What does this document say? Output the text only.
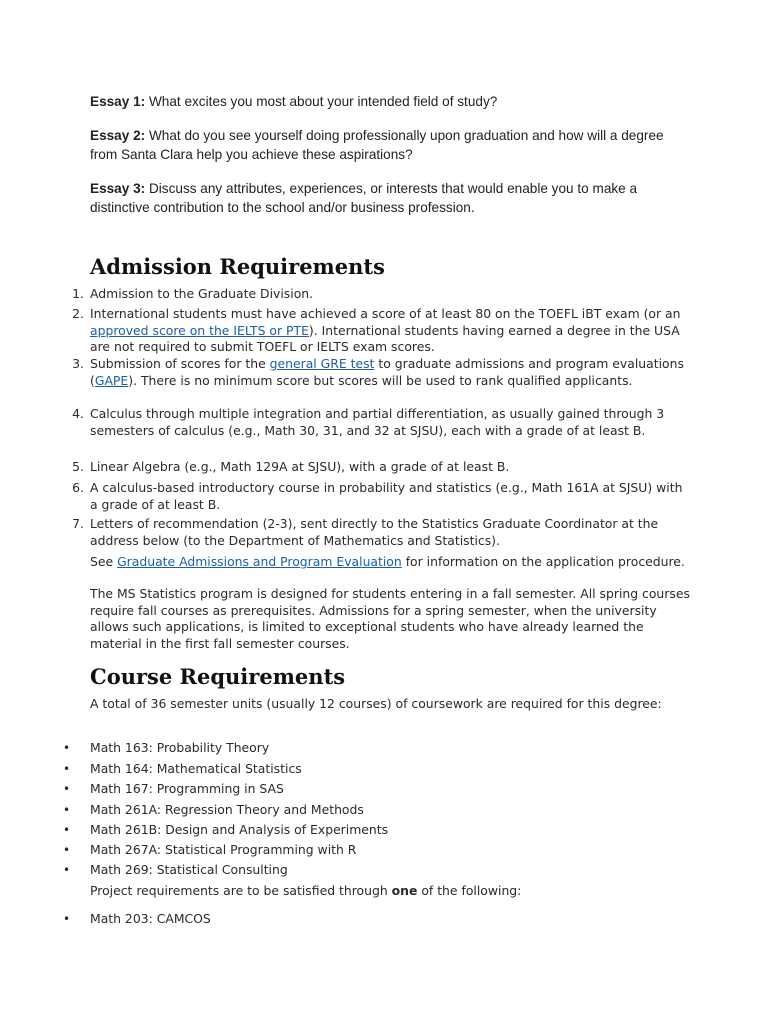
Essay 1: What excites you most about your intended field of study?
Essay 2: What do you see yourself doing professionally upon graduation and how will a degree from Santa Clara help you achieve these aspirations?
Essay 3: Discuss any attributes, experiences, or interests that would enable you to make a distinctive contribution to the school and/or business profession.
Admission Requirements
1. Admission to the Graduate Division.
2. International students must have achieved a score of at least 80 on the TOEFL iBT exam (or an approved score on the IELTS or PTE). International students having earned a degree in the USA are not required to submit TOEFL or IELTS exam scores.
3. Submission of scores for the general GRE test to graduate admissions and program evaluations (GAPE). There is no minimum score but scores will be used to rank qualified applicants.
4. Calculus through multiple integration and partial differentiation, as usually gained through 3 semesters of calculus (e.g., Math 30, 31, and 32 at SJSU), each with a grade of at least B.
5. Linear Algebra (e.g., Math 129A at SJSU), with a grade of at least B.
6. A calculus-based introductory course in probability and statistics (e.g., Math 161A at SJSU) with a grade of at least B.
7. Letters of recommendation (2-3), sent directly to the Statistics Graduate Coordinator at the address below (to the Department of Mathematics and Statistics).
See Graduate Admissions and Program Evaluation for information on the application procedure.
The MS Statistics program is designed for students entering in a fall semester. All spring courses require fall courses as prerequisites. Admissions for a spring semester, when the university allows such applications, is limited to exceptional students who have already learned the material in the first fall semester courses.
Course Requirements
A total of 36 semester units (usually 12 courses) of coursework are required for this degree:
• Math 163: Probability Theory
• Math 164: Mathematical Statistics
• Math 167: Programming in SAS
• Math 261A: Regression Theory and Methods
• Math 261B: Design and Analysis of Experiments
• Math 267A: Statistical Programming with R
• Math 269: Statistical Consulting
Project requirements are to be satisfied through one of the following:
• Math 203: CAMCOS
